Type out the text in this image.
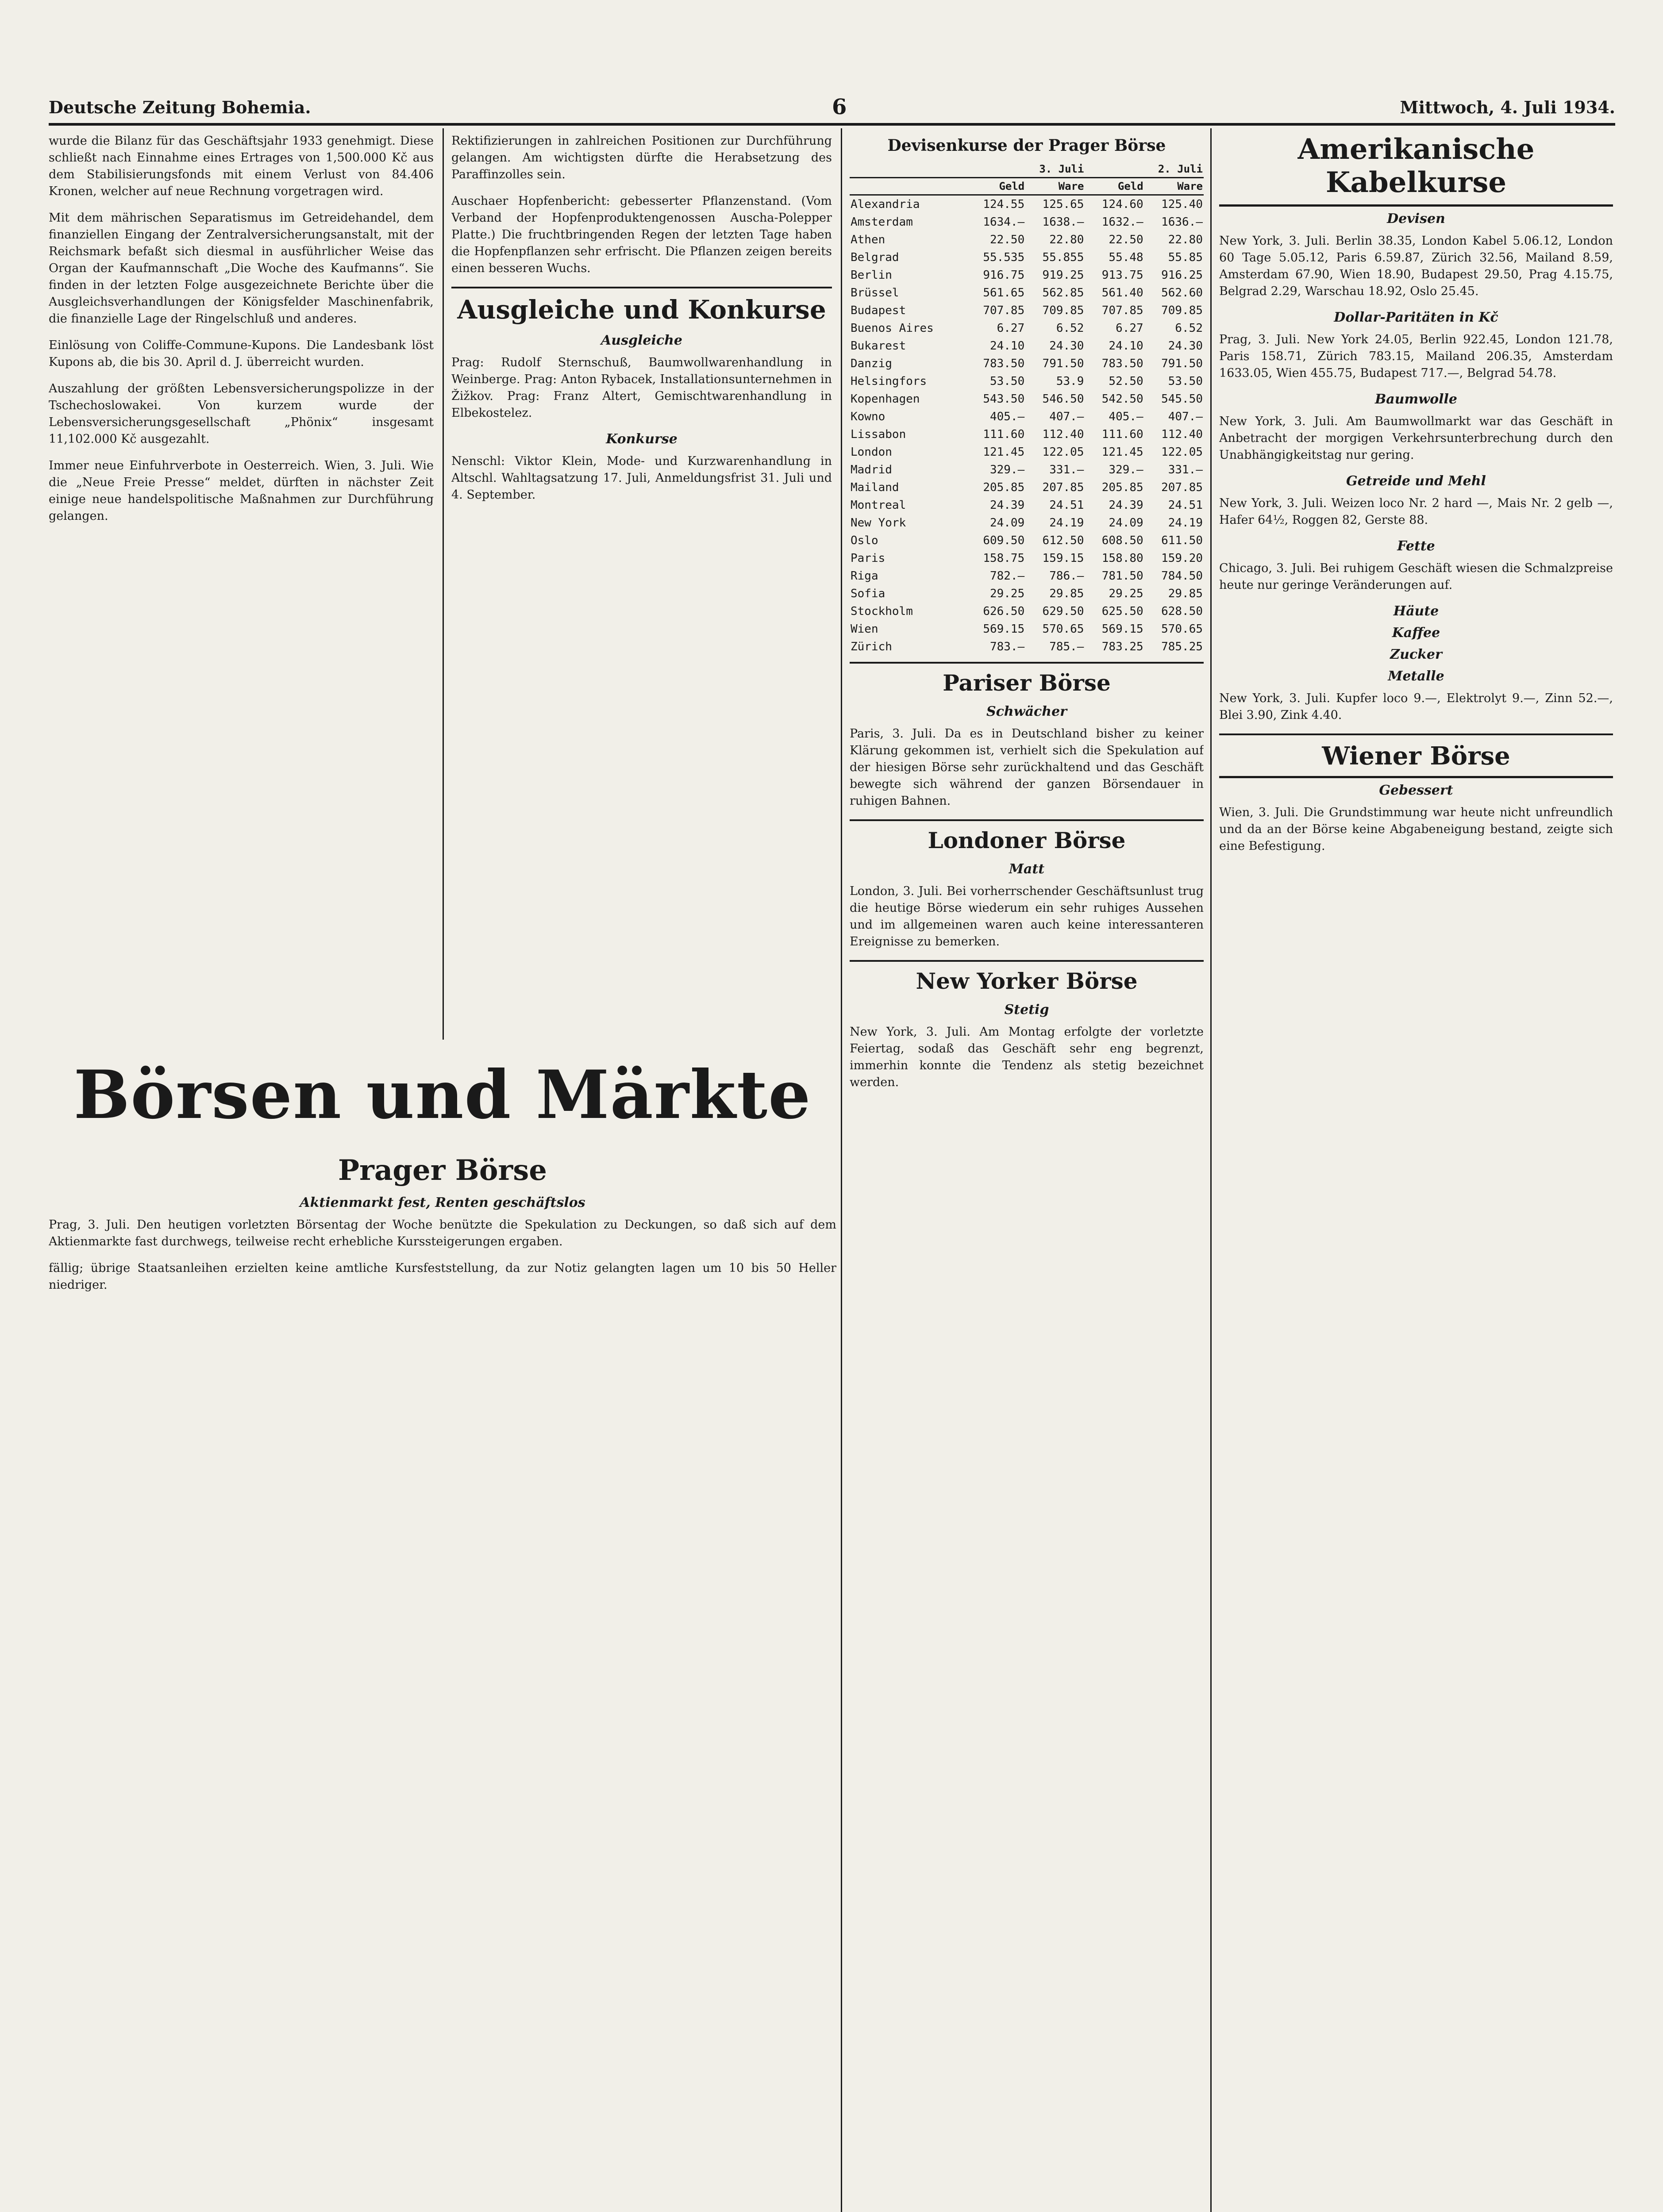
Deutsche Zeitung Bohemia.	6	Mittwoch, 4. Juli 1934.

wurde die Bilanz für das Geschäftsjahr 1933 genehmigt. Diese schließt nach Einnahme eines Ertrages von 1,500.000 Kč aus dem Stabilisierungsfonds mit einem Verlust von 84.406 Kronen, welcher auf neue Rechnung vorgetragen wird.

Mit dem mährischen Separatismus im Getreidehandel, dem finanziellen Eingang der Zentralversicherungsanstalt, mit der Reichsmark befaßt sich diesmal in ausführlicher Weise das Organ der Kaufmannschaft „Die Woche des Kaufmanns“. Sie finden in der letzten Folge ausgezeichnete Berichte über die Ausgleichsverhandlungen der Königsfelder Maschinenfabrik, die finanzielle Lage der Ringelschluß und anderes.

Einlösung von Coliffe-Commune-Kupons. Die Landesbank löst Kupons ab, die bis 30. April d. J. überreicht wurden.

Auszahlung der größten Lebensversicherungspolizze in der Tschechoslowakei. Von kurzem wurde der Lebensversicherungsgesellschaft „Phönix“ insgesamt 11,102.000 Kč ausgezahlt.

Immer neue Einfuhrverbote in Oesterreich. Wien, 3. Juli. Wie die „Neue Freie Presse“ meldet, dürften in nächster Zeit einige neue handelspolitische Maßnahmen zur Durchführung gelangen.

Rektifizierungen in zahlreichen Positionen zur Durchführung gelangen. Am wichtigsten dürfte die Herabsetzung des Paraffinzolles sein.

Auschaer Hopfenbericht: gebesserter Pflanzenstand. (Vom Verband der Hopfenproduktengenossen Auscha-Polepper Platte.) Die fruchtbringenden Regen der letzten Tage haben die Hopfenpflanzen sehr erfrischt. Die Pflanzen zeigen bereits einen besseren Wuchs.

Ausgleiche und Konkurse
Ausgleiche

Prag: Rudolf Sternschuß, Baumwollwarenhandlung in Weinberge. Prag: Anton Rybacek, Installationsunternehmen in Žižkov. Prag: Franz Altert, Gemischtwarenhandlung in Elbekostelez.

Konkurse

Nenschl: Viktor Klein, Mode- und Kurzwarenhandlung in Altschl. Wahltagsatzung 17. Juli, Anmeldungsfrist 31. Juli und 4. September.

Börsen und Märkte
Prager Börse
Aktienmarkt fest, Renten geschäftslos

Prag, 3. Juli. Den heutigen vorletzten Börsentag der Woche benützte die Spekulation zu Deckungen, so daß sich auf dem Aktienmarkte fast durchwegs, teilweise recht erhebliche Kurssteigerungen ergaben.

fällig; übrige Staatsanleihen erzielten keine amtliche Kursfeststellung, da zur Notiz gelangten lagen um 10 bis 50 Heller niedriger.

Devisenkurse der Prager Börse
	3. Juli		2. Juli	
	Geld	Ware	Geld	Ware
Alexandria	124.55	125.65	124.60	125.40
Amsterdam	1634.—	1638.—	1632.—	1636.—
Athen	22.50	22.80	22.50	22.80
Belgrad	55.535	55.855	55.48	55.85
Berlin	916.75	919.25	913.75	916.25
Brüssel	561.65	562.85	561.40	562.60
Budapest	707.85	709.85	707.85	709.85
Buenos Aires	6.27	6.52	6.27	6.52
Bukarest	24.10	24.30	24.10	24.30
Danzig	783.50	791.50	783.50	791.50
Helsingfors	53.50	53.9	52.50	53.50
Kopenhagen	543.50	546.50	542.50	545.50
Kowno	405.—	407.—	405.—	407.—
Lissabon	111.60	112.40	111.60	112.40
London	121.45	122.05	121.45	122.05
Madrid	329.—	331.—	329.—	331.—
Mailand	205.85	207.85	205.85	207.85
Montreal	24.39	24.51	24.39	24.51
New York	24.09	24.19	24.09	24.19
Oslo	609.50	612.50	608.50	611.50
Paris	158.75	159.15	158.80	159.20
Riga	782.—	786.—	781.50	784.50
Sofia	29.25	29.85	29.25	29.85
Stockholm	626.50	629.50	625.50	628.50
Wien	569.15	570.65	569.15	570.65
Zürich	783.—	785.—	783.25	785.25
Pariser Börse
Schwächer

Paris, 3. Juli. Da es in Deutschland bisher zu keiner Klärung gekommen ist, verhielt sich die Spekulation auf der hiesigen Börse sehr zurückhaltend und das Geschäft bewegte sich während der ganzen Börsendauer in ruhigen Bahnen.

Londoner Börse
Matt

London, 3. Juli. Bei vorherrschender Geschäftsunlust trug die heutige Börse wiederum ein sehr ruhiges Aussehen und im allgemeinen waren auch keine interessanteren Ereignisse zu bemerken.

New Yorker Börse
Stetig

New York, 3. Juli. Am Montag erfolgte der vorletzte Feiertag, sodaß das Geschäft sehr eng begrenzt, immerhin konnte die Tendenz als stetig bezeichnet werden.

Amerikanische Kabelkurse
Devisen

New York, 3. Juli. Berlin 38.35, London Kabel 5.06.12, London 60 Tage 5.05.12, Paris 6.59.87, Zürich 32.56, Mailand 8.59, Amsterdam 67.90, Wien 18.90, Budapest 29.50, Prag 4.15.75, Belgrad 2.29, Warschau 18.92, Oslo 25.45.

Dollar-Paritäten in Kč

Prag, 3. Juli. New York 24.05, Berlin 922.45, London 121.78, Paris 158.71, Zürich 783.15, Mailand 206.35, Amsterdam 1633.05, Wien 455.75, Budapest 717.—, Belgrad 54.78.

Baumwolle

New York, 3. Juli. Am Baumwollmarkt war das Geschäft in Anbetracht der morgigen Verkehrsunterbrechung durch den Unabhängigkeitstag nur gering.

Getreide und Mehl

New York, 3. Juli. Weizen loco Nr. 2 hard —, Mais Nr. 2 gelb —, Hafer 64½, Roggen 82, Gerste 88.

Fette

Chicago, 3. Juli. Bei ruhigem Geschäft wiesen die Schmalzpreise heute nur geringe Veränderungen auf.

Häute
Kaffee
Zucker
Metalle

New York, 3. Juli. Kupfer loco 9.—, Elektrolyt 9.—, Zinn 52.—, Blei 3.90, Zink 4.40.

Wiener Börse
Gebessert

Wien, 3. Juli. Die Grundstimmung war heute nicht unfreundlich und da an der Börse keine Abgabeneigung bestand, zeigte sich eine Befestigung.
